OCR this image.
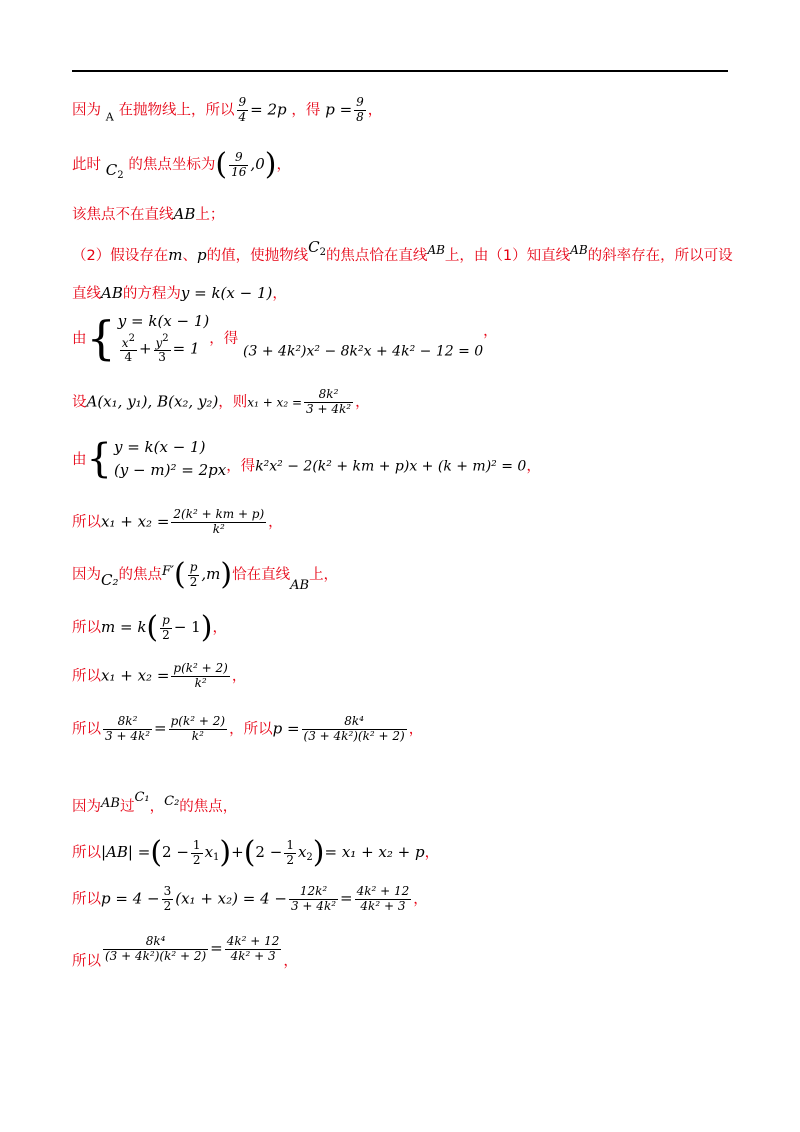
因为 $_A$ 在抛物线上，所以 $\frac{9}{4} = 2p$ ，得 $p = \frac{9}{8}$ ，
此时 $C_2$ 的焦点坐标为( $\frac{9}{16} ,0$)，
该焦点不在直线AB上；
（2）假设存在m、p的值，使抛物线$C_2$的焦点恰在直线$^{AB}$上，由（1）知直线$^{AB}$的斜率存在，所以可设
直线AB的方程为y = k(x − 1)，
由{ y = k(x − 1)
$\frac{x^2}{4} + \frac{y^2}{3} = 1$ ，得 (3 + 4k²)x² − 8k²x + 4k² − 12 = 0，
设A(x₁, y₁), B(x₂, y₂)，则$x_1 + x_2 = \frac{\text{8k²}}{\text{3 + 4k²}}$ ，
由{ y = k(x − 1)
(y − m)² = 2px ，得k²x² − 2(k² + km + p)x + (k + m)² = 0，
所以$x_1 + x_2 = \frac{\text{2(k² + km + p)}}{\text{k²}}$ ，
因为C₂的焦点$F'( \frac{p}{2} ,m)$恰在直线AB上，
所以$m = k( \frac{p}{2} - 1)$，
所以$x_1 + x_2 = \frac{\text{p(k² + 2)}}{\text{k²}}$ ，
所以 $\frac{\text{8k²}}{\text{3 + 4k²}} = \frac{\text{p(k² + 2)}}{\text{k²}}$ ，所以$p = \frac{\text{8k⁴}}{\text{(3 + 4k²)(k² + 2)}}$ ，
因为AB过C₁，C₂的焦点，
所以$|AB| =(2 - \frac{1}{2} x_1)+(2 - \frac{1}{2} x_2)= x_1 + x_2 + p$，
所以$p = 4 - \frac{3}{2} (x_1 + x_2) = 4 - \frac{\text{12k²}}{\text{3 + 4k²}} = \frac{\text{4k² + 12}}{\text{4k² + 3}}$ ，
所以 $\frac{\text{8k⁴}}{\text{(3 + 4k²)(k² + 2)}} = \frac{\text{4k² + 12}}{\text{4k² + 3}}$ ，
